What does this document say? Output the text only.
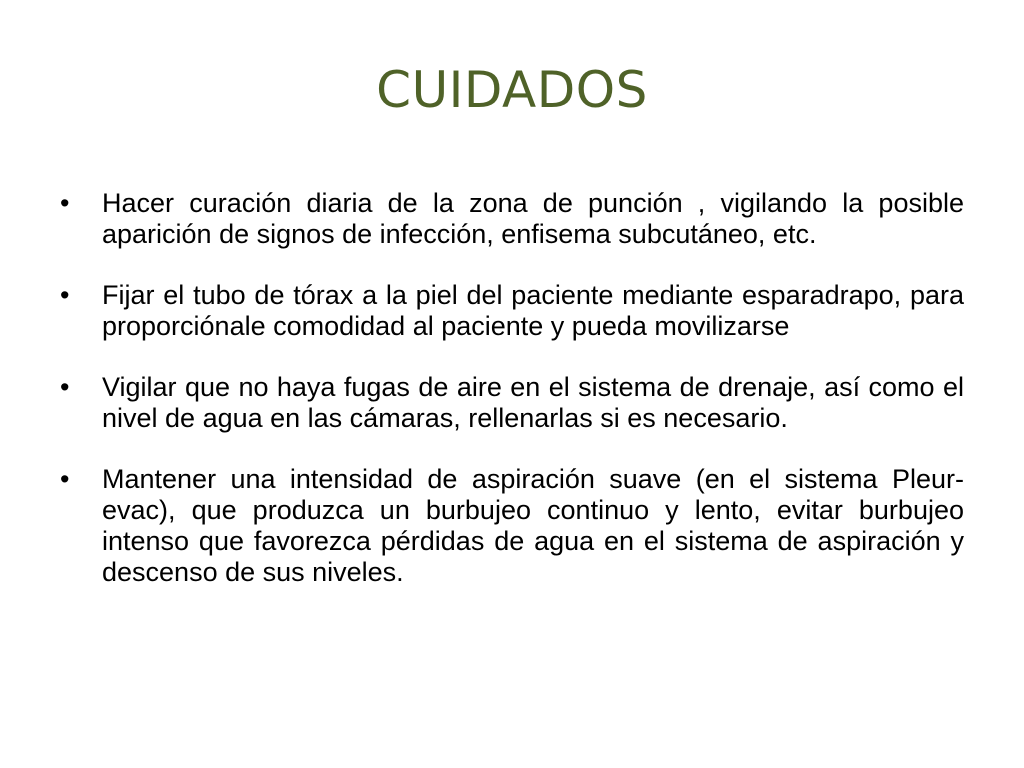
CUIDADOS
•	Hacer curación diaria de la zona de punción , vigilando la posible aparición de signos de infección, enfisema subcutáneo, etc.
•	Fijar el tubo de tórax a la piel del paciente mediante esparadrapo, para proporciónale comodidad al paciente y pueda movilizarse
•	Vigilar que no haya fugas de aire en el sistema de drenaje, así como el nivel de agua en las cámaras, rellenarlas si es necesario.
•	Mantener una intensidad de aspiración suave (en el sistema Pleur-evac), que produzca un burbujeo continuo y lento, evitar burbujeo intenso que favorezca pérdidas de agua en el sistema de aspiración y descenso de sus niveles.
